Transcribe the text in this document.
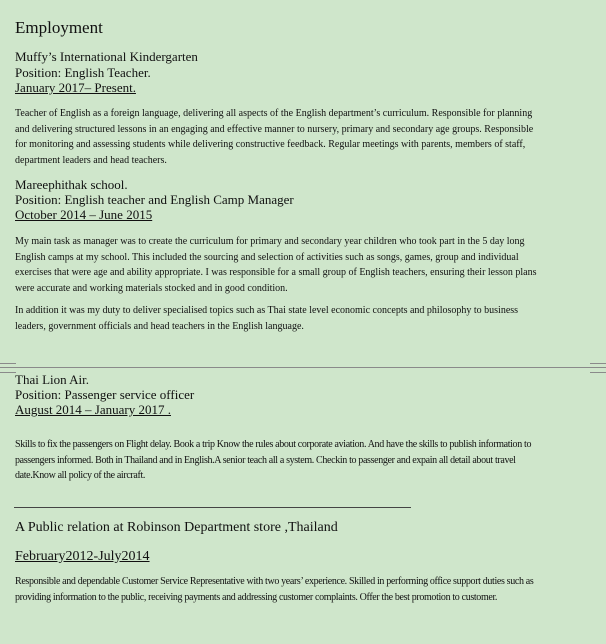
Employment
Muffy’s International Kindergarten
Position: English Teacher.
January 2017– Present.
Teacher of English as a foreign language, delivering all aspects of the English department’s curriculum. Responsible for planning and delivering structured lessons in an engaging and effective manner to nursery, primary and secondary age groups. Responsible for monitoring and assessing students while delivering constructive feedback. Regular meetings with parents, members of staff, department leaders and head teachers.
Mareephithak school.
Position: English teacher and English Camp Manager
October 2014 – June 2015
My main task as manager was to create the curriculum for primary and secondary year children who took part in the 5 day long English camps at my school. This included the sourcing and selection of activities such as songs, games, group and individual exercises that were age and ability appropriate. I was responsible for a small group of English teachers, ensuring their lesson plans were accurate and working materials stocked and in good condition.
In addition it was my duty to deliver specialised topics such as Thai state level economic concepts and philosophy to business leaders, government officials and head teachers in the English language.
Thai Lion Air.
Position: Passenger service officer
August 2014 – January 2017 .
Skills to fix the passengers on Flight delay. Book a trip Know the rules about corporate aviation. And have the skills to publish information to passengers informed. Both in Thailand and in English.A senior teach all a system. Checkin to passenger and expain all detail about travel date.Know all policy of the aircraft.
A Public relation at Robinson Department store ,Thailand
February2012-July2014
Responsible and dependable Customer Service Representative with two years’ experience. Skilled in performing office support duties such as providing information to the public, receiving payments and addressing customer complaints. Offer the best promotion to customer.
